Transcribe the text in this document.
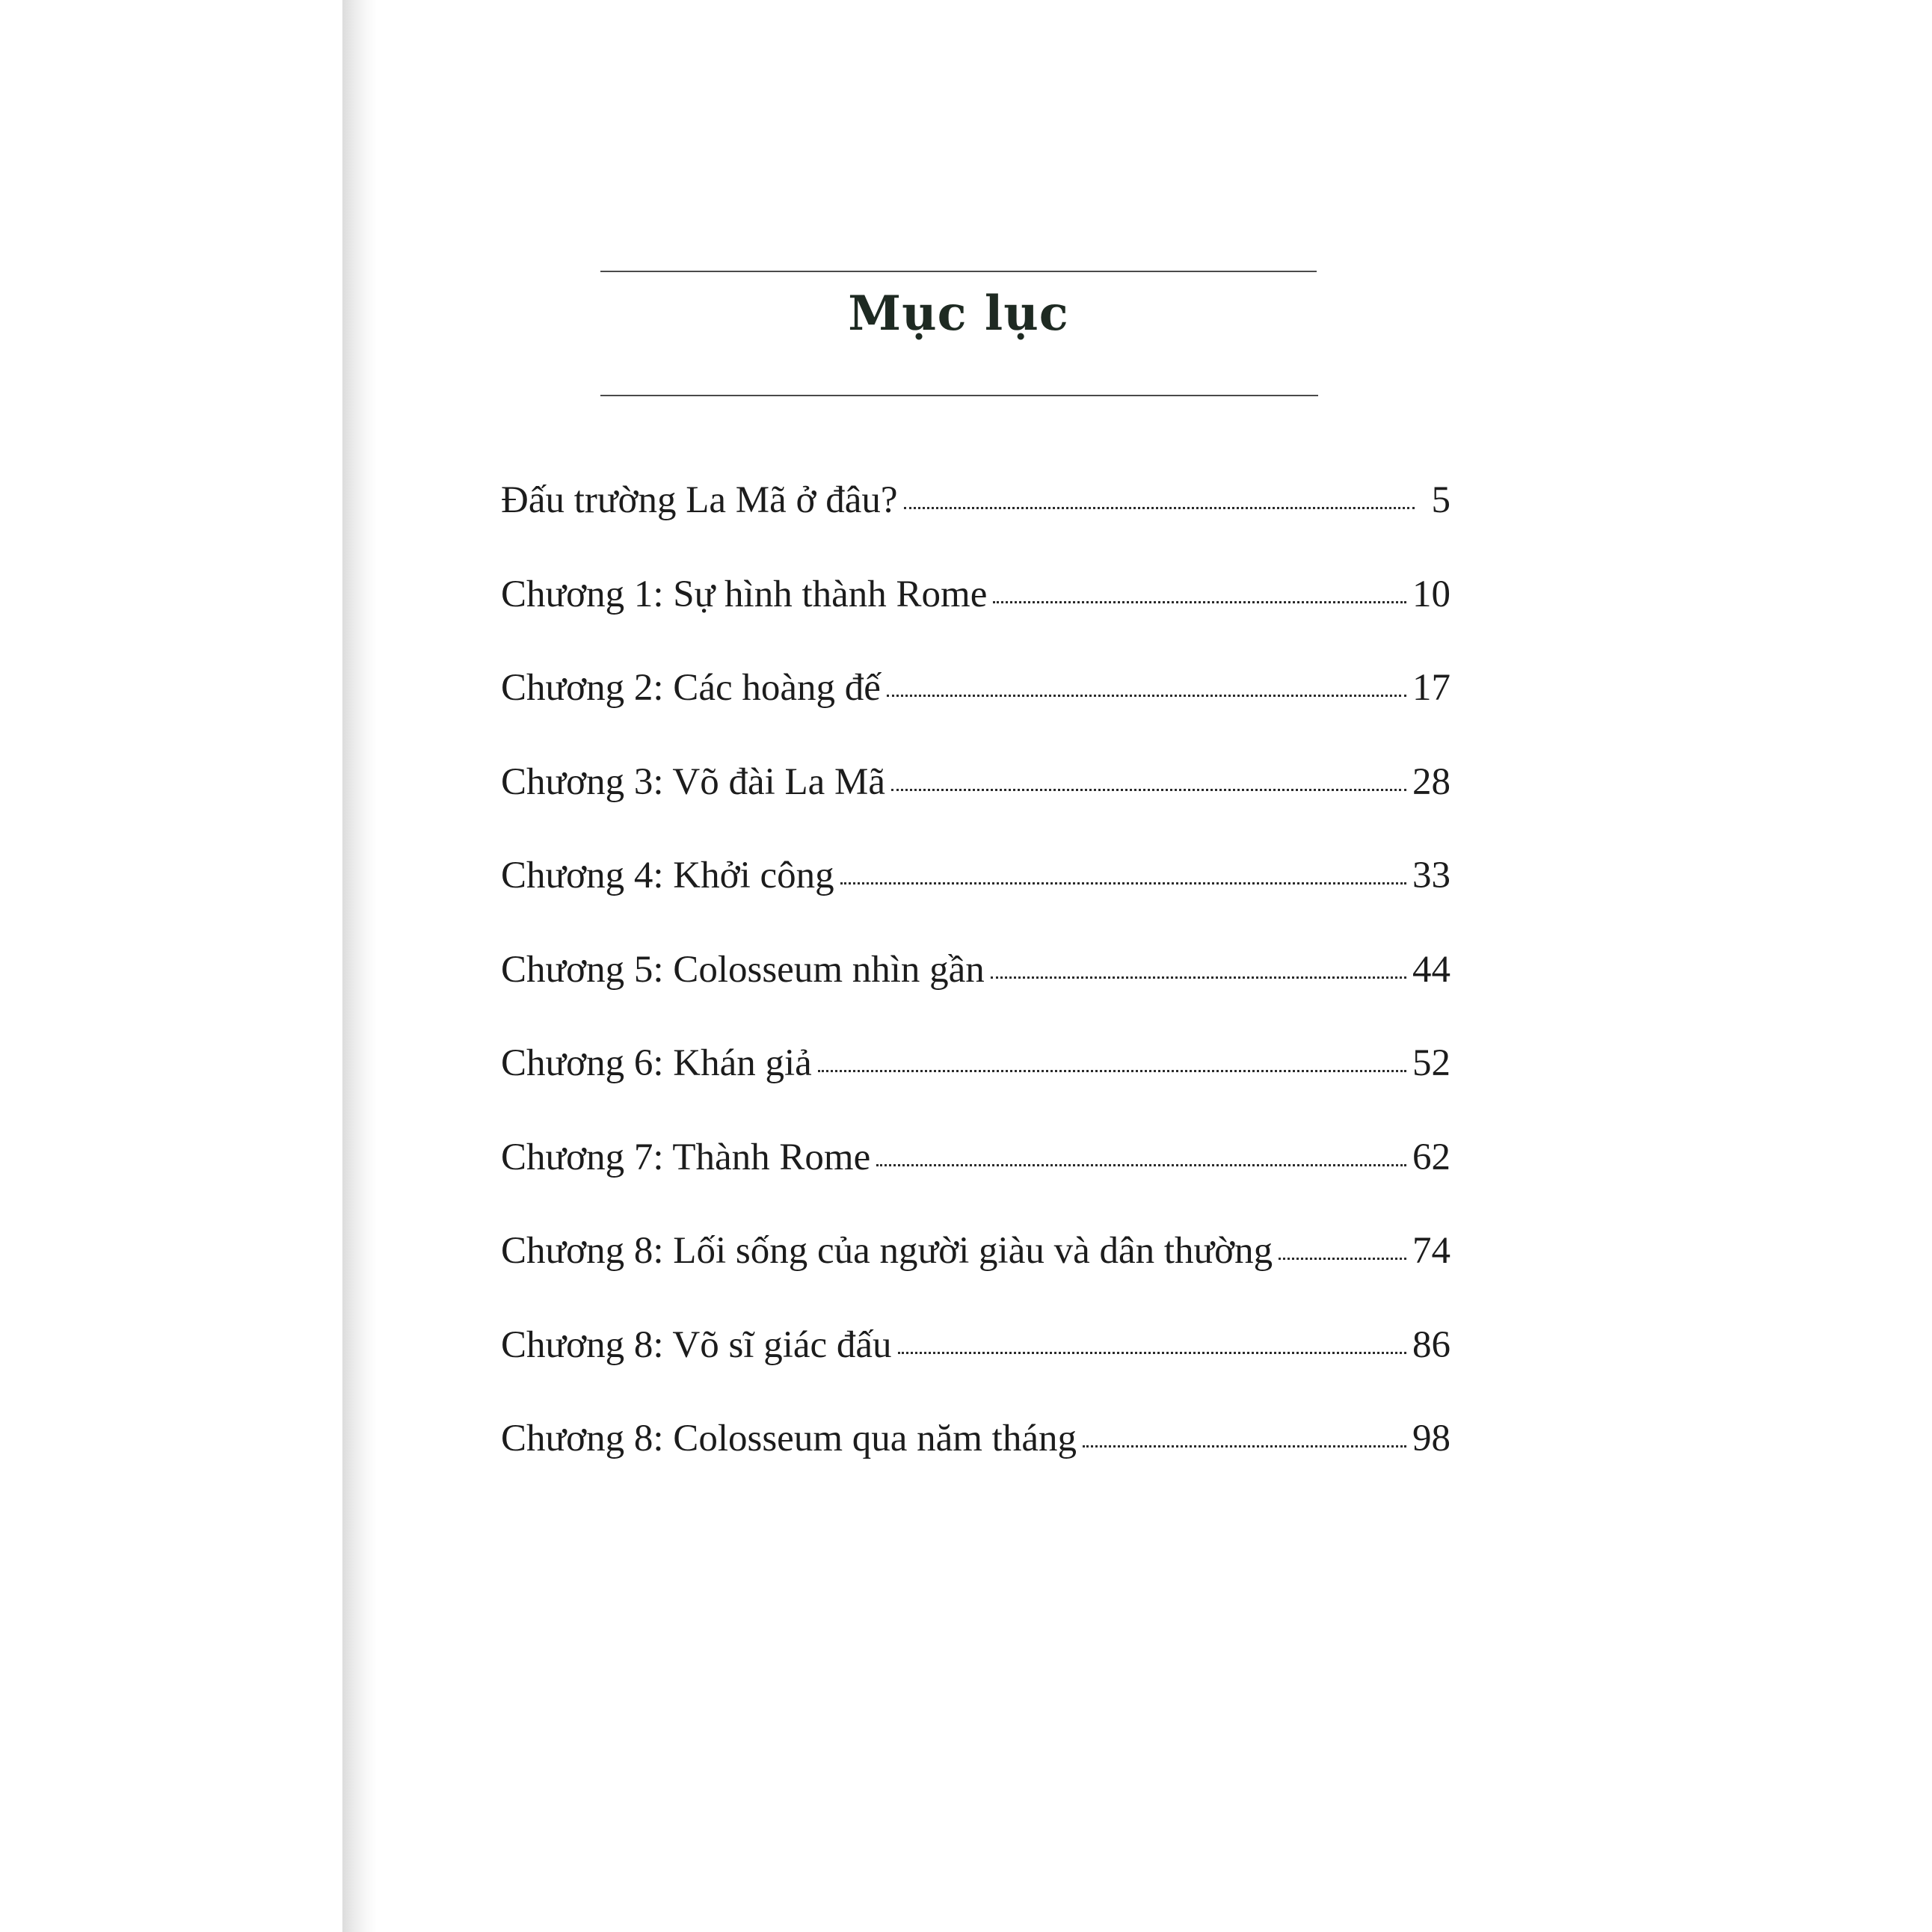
Mục lục
Đấu trường La Mã ở đâu?	5
Chương 1: Sự hình thành Rome	10
Chương 2: Các hoàng đế	17
Chương 3: Võ đài La Mã	28
Chương 4: Khởi công	33
Chương 5: Colosseum nhìn gần	44
Chương 6: Khán giả	52
Chương 7: Thành Rome	62
Chương 8: Lối sống của người giàu và dân thường	74
Chương 8: Võ sĩ giác đấu	86
Chương 8: Colosseum qua năm tháng	98
